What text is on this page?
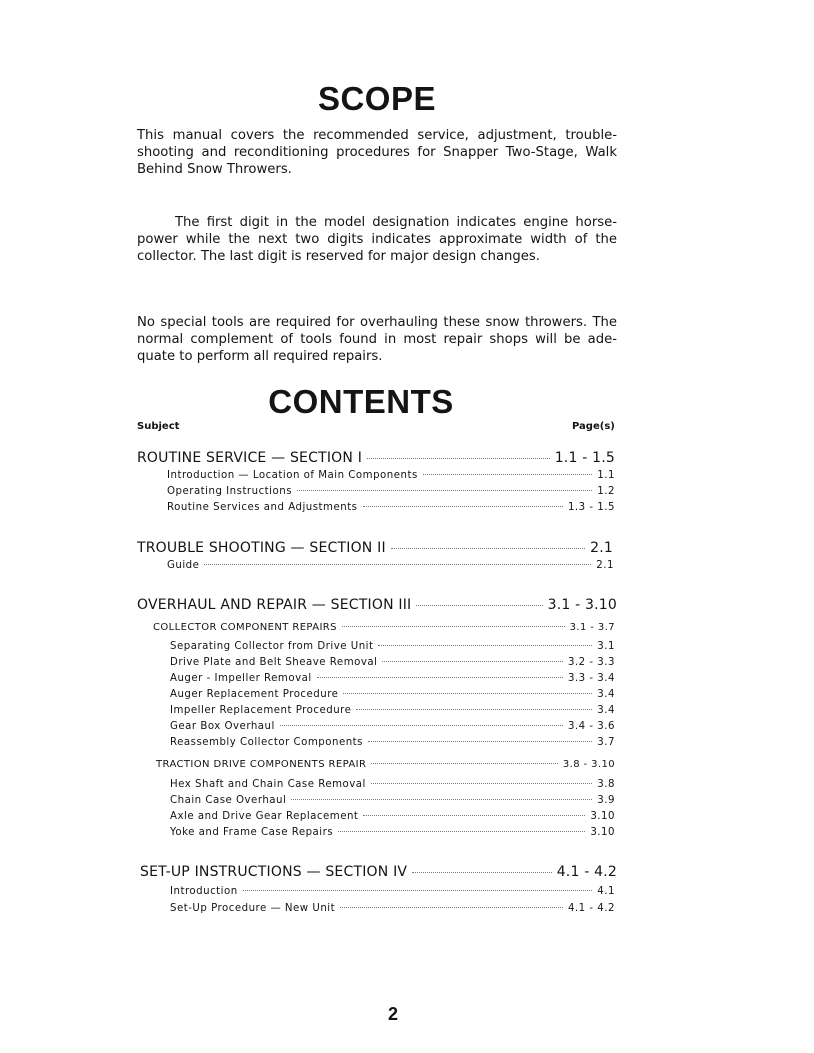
SCOPE

This manual covers the recommended service, adjustment, trouble-shooting and reconditioning procedures for Snapper Two-Stage, Walk Behind Snow Throwers.

The first digit in the model designation indicates engine horse-power while the next two digits indicates approximate width of the collector. The last digit is reserved for major design changes.

No special tools are required for overhauling these snow throwers. The normal complement of tools found in most repair shops will be ade-quate to perform all required repairs.

CONTENTS
Subject	Page(s)
ROUTINE SERVICE — SECTION I	1.1 - 1.5
Introduction — Location of Main Components	1.1
Operating Instructions	1.2
Routine Services and Adjustments	1.3 - 1.5
TROUBLE SHOOTING — SECTION II	2.1
Guide	2.1
OVERHAUL AND REPAIR — SECTION III	3.1 - 3.10
COLLECTOR COMPONENT REPAIRS	3.1 - 3.7
Separating Collector from Drive Unit	3.1
Drive Plate and Belt Sheave Removal	3.2 - 3.3
Auger - Impeller Removal	3.3 - 3.4
Auger Replacement Procedure	3.4
Impeller Replacement Procedure	3.4
Gear Box Overhaul	3.4 - 3.6
Reassembly Collector Components	3.7
TRACTION DRIVE COMPONENTS REPAIR	3.8 - 3.10
Hex Shaft and Chain Case Removal	3.8
Chain Case Overhaul	3.9
Axle and Drive Gear Replacement	3.10
Yoke and Frame Case Repairs	3.10
SET-UP INSTRUCTIONS — SECTION IV	4.1 - 4.2
Introduction	4.1
Set-Up Procedure — New Unit	4.1 - 4.2
2
